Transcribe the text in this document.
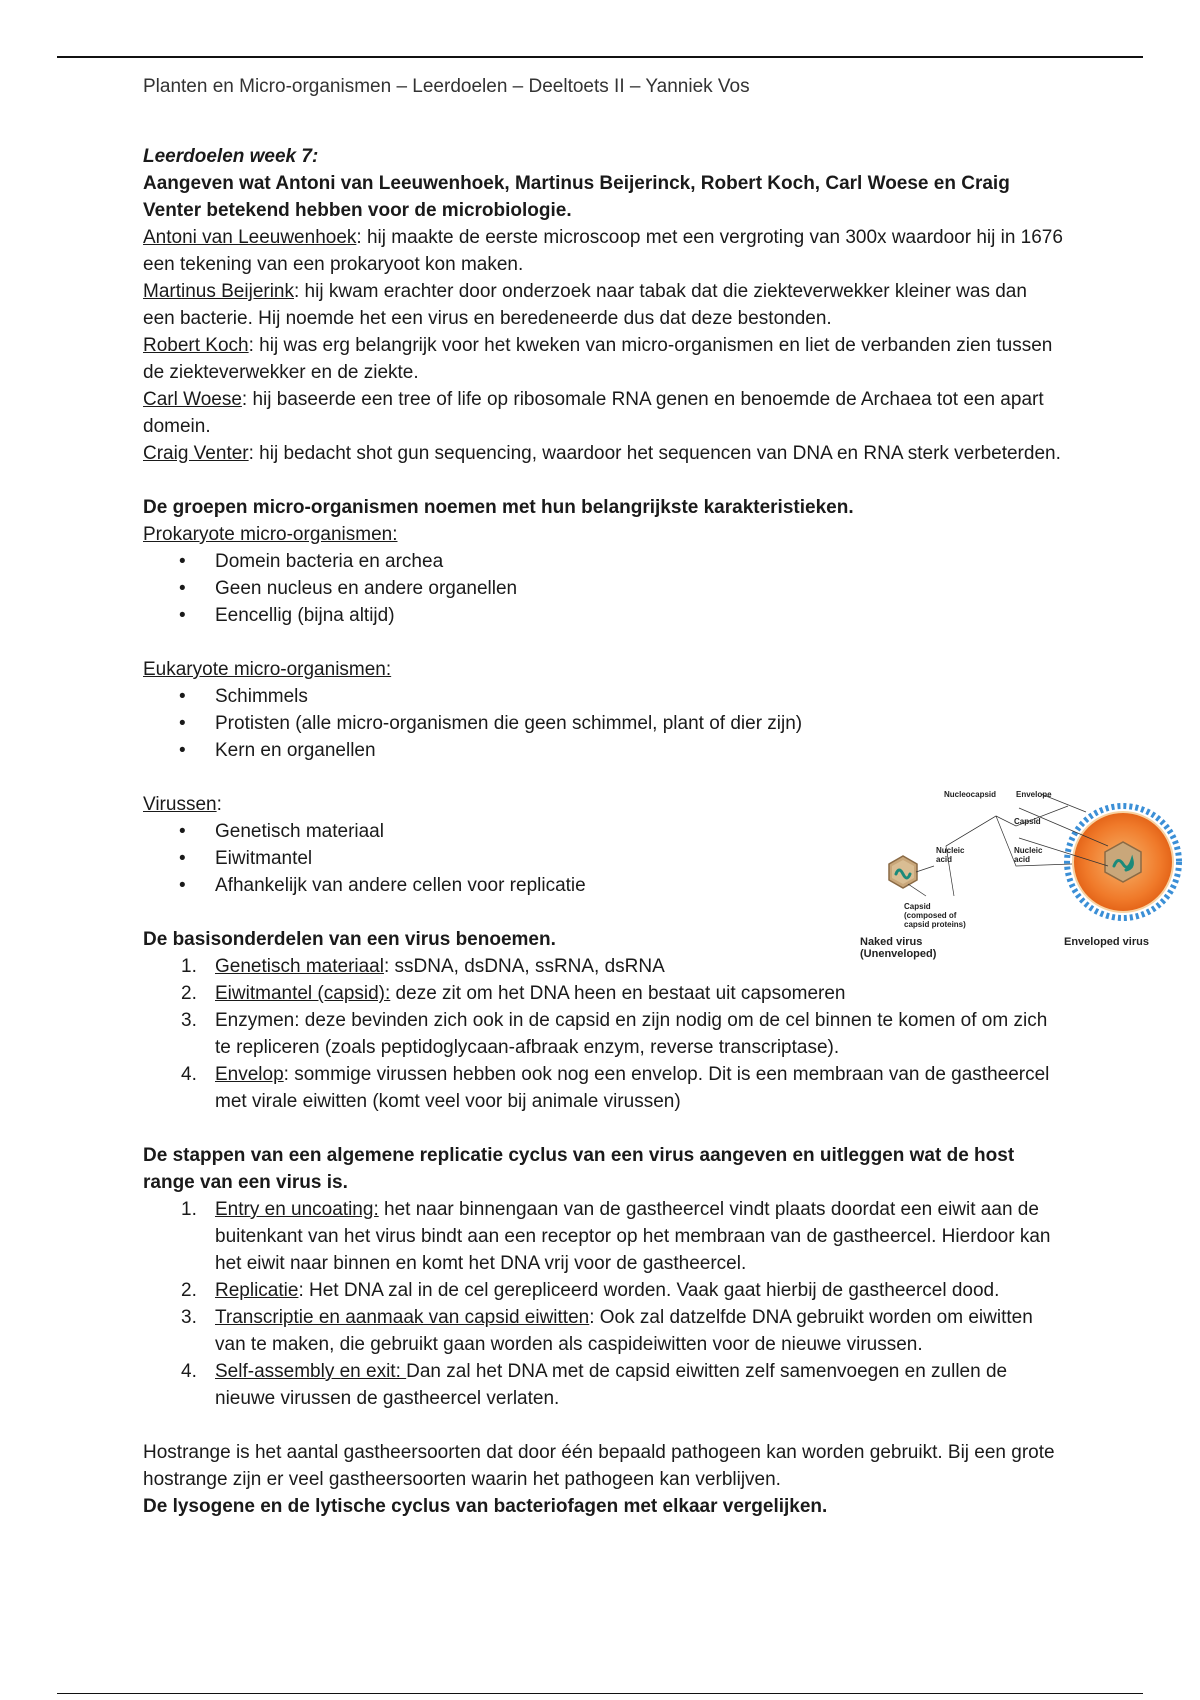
Planten en Micro-organismen – Leerdoelen – Deeltoets II – Yanniek Vos

Leerdoelen week 7:

Aangeven wat Antoni van Leeuwenhoek, Martinus Beijerinck, Robert Koch, Carl Woese en Craig Venter betekend hebben voor de microbiologie.

Antoni van Leeuwenhoek: hij maakte de eerste microscoop met een vergroting van 300x waardoor hij in 1676 een tekening van een prokaryoot kon maken.

Martinus Beijerink: hij kwam erachter door onderzoek naar tabak dat die ziekteverwekker kleiner was dan een bacterie. Hij noemde het een virus en beredeneerde dus dat deze bestonden.

Robert Koch: hij was erg belangrijk voor het kweken van micro-organismen en liet de verbanden zien tussen de ziekteverwekker en de ziekte.

Carl Woese: hij baseerde een tree of life op ribosomale RNA genen en benoemde de Archaea tot een apart domein.

Craig Venter: hij bedacht shot gun sequencing, waardoor het sequencen van DNA en RNA sterk verbeterden.

De groepen micro-organismen noemen met hun belangrijkste karakteristieken.

Prokaryote micro-organismen:

• Domein bacteria en archea
• Geen nucleus en andere organellen
• Eencellig (bijna altijd)

Eukaryote micro-organismen:

• Schimmels
• Protisten (alle micro-organismen die geen schimmel, plant of dier zijn)
• Kern en organellen

Virussen:

• Genetisch materiaal
• Eiwitmantel
• Afhankelijk van andere cellen voor replicatie

De basisonderdelen van een virus benoemen.

1. Genetisch materiaal: ssDNA, dsDNA, ssRNA, dsRNA
2. Eiwitmantel (capsid): deze zit om het DNA heen en bestaat uit capsomeren
3. Enzymen: deze bevinden zich ook in de capsid en zijn nodig om de cel binnen te komen of om zich te repliceren (zoals peptidoglycaan-afbraak enzym, reverse transcriptase).
4. Envelop: sommige virussen hebben ook nog een envelop. Dit is een membraan van de gastheercel met virale eiwitten (komt veel voor bij animale virussen)

De stappen van een algemene replicatie cyclus van een virus aangeven en uitleggen wat de host range van een virus is.

1. Entry en uncoating: het naar binnengaan van de gastheercel vindt plaats doordat een eiwit aan de buitenkant van het virus bindt aan een receptor op het membraan van de gastheercel. Hierdoor kan het eiwit naar binnen en komt het DNA vrij voor de gastheercel.
2. Replicatie: Het DNA zal in de cel gerepliceerd worden. Vaak gaat hierbij de gastheercel dood.
3. Transcriptie en aanmaak van capsid eiwitten: Ook zal datzelfde DNA gebruikt worden om eiwitten van te maken, die gebruikt gaan worden als caspideiwitten voor de nieuwe virussen.
4. Self-assembly en exit: Dan zal het DNA met de capsid eiwitten zelf samenvoegen en zullen de nieuwe virussen de gastheercel verlaten.

Hostrange is het aantal gastheersoorten dat door één bepaald pathogeen kan worden gebruikt. Bij een grote hostrange zijn er veel gastheersoorten waarin het pathogeen kan verblijven.

De lysogene en de lytische cyclus van bacteriofagen met elkaar vergelijken.

Nucleocapsid Envelope
Capsid
Nucleic
acid
Nucleic
acid
Capsid
(composed of
capsid proteins)
Naked virus
(Unenveloped)
Enveloped virus
